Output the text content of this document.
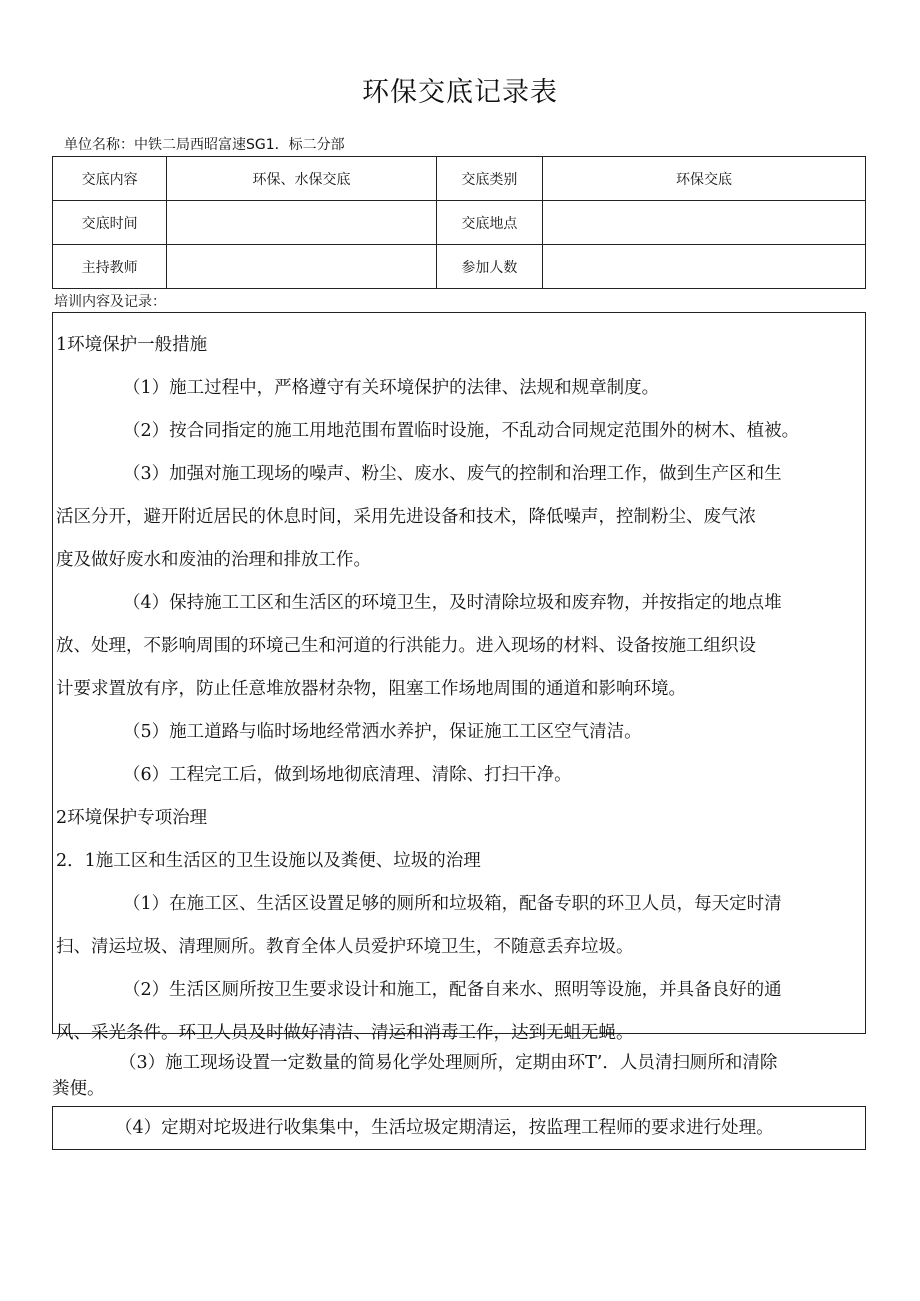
环保交底记录表
单位名称：中铁二局西昭富速SG1．标二分部
交底内容	环保、水保交底	交底类别	环保交底
交底时间		交底地点	
主持教师		参加人数	
培训内容及记录：

1环境保护一般措施

（1）施工过程中，严格遵守有关环境保护的法律、法规和规章制度。

（2）按合同指定的施工用地范围布置临时设施，不乱动合同规定范围外的树木、植被。

（3）加强对施工现场的噪声、粉尘、废水、废气的控制和治理工作，做到生产区和生

活区分开，避开附近居民的休息时间，采用先进设备和技术，降低噪声，控制粉尘、废气浓

度及做好废水和废油的治理和排放工作。

（4）保持施工工区和生活区的环境卫生，及时清除垃圾和废弃物，并按指定的地点堆

放、处理，不影响周围的环境己生和河道的行洪能力。进入现场的材料、设备按施工组织设

计要求置放有序，防止任意堆放器材杂物，阻塞工作场地周围的通道和影响环境。

（5）施工道路与临时场地经常洒水养护，保证施工工区空气清洁。

（6）工程完工后，做到场地彻底清理、清除、打扫干净。

2环境保护专项治理

2．1施工区和生活区的卫生设施以及粪便、垃圾的治理

（1）在施工区、生活区设置足够的厕所和垃圾箱，配备专职的环卫人员，每天定时清

扫、清运垃圾、清理厕所。教育全体人员爱护环境卫生，不随意丢弃垃圾。

（2）生活区厕所按卫生要求设计和施工，配备自来水、照明等设施，并具备良好的通

风、采光条件。环卫人员及时做好清洁、清运和消毒工作，达到无蛆无蝇。

（3）施工现场设置一定数量的简易化学处理厕所，定期由环T’．人员清扫厕所和清除
粪便。
（4）定期对坨圾进行收集集中，生活垃圾定期清运，按监理工程师的要求进行处理。
